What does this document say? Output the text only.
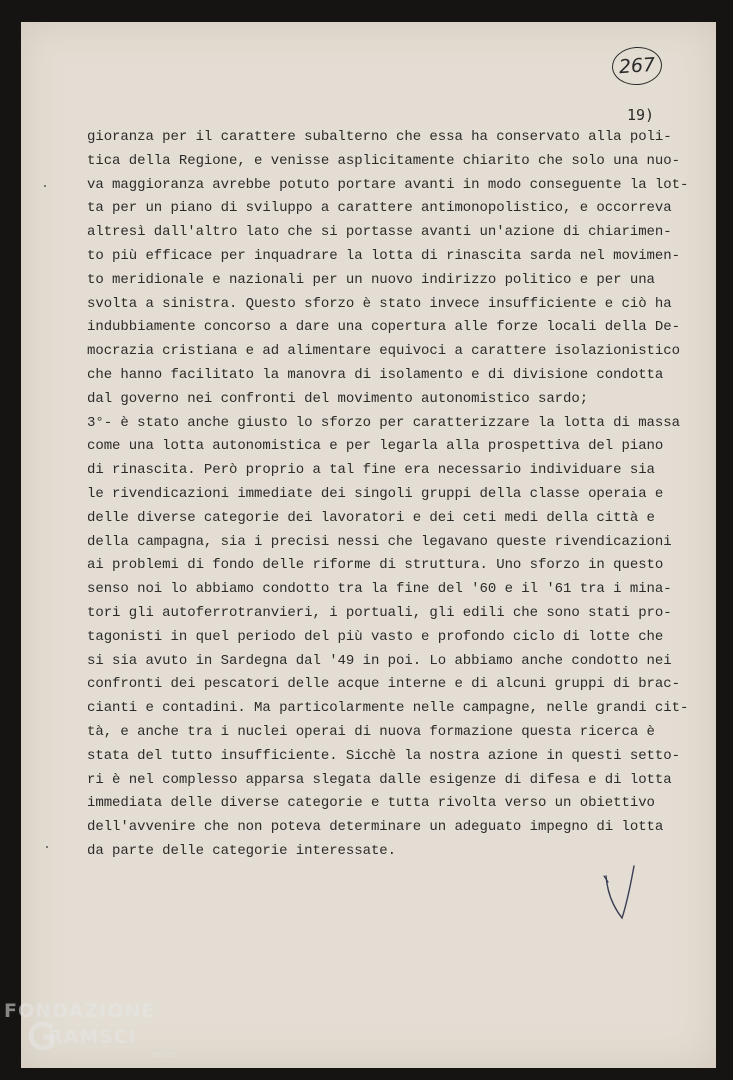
267
19)
gioranza per il carattere subalterno che essa ha conservato alla poli-
tica della Regione, e venisse asplicitamente chiarito che solo una nuo-
va maggioranza avrebbe potuto portare avanti in modo conseguente la lot-
ta per un piano di sviluppo a carattere antimonopolistico, e occorreva
altresì dall'altro lato che si portasse avanti un'azione di chiarimen-
to più efficace per inquadrare la lotta di rinascita sarda nel movimen-
to meridionale e nazionali per un nuovo indirizzo politico e per una
svolta a sinistra. Questo sforzo è stato invece insufficiente e ciò ha
indubbiamente concorso a dare una copertura alle forze locali della De-
mocrazia cristiana e ad alimentare equivoci a carattere isolazionistico
che hanno facilitato la manovra di isolamento e di divisione condotta
dal governo nei confronti del movimento autonomistico sardo;
3°- è stato anche giusto lo sforzo per caratterizzare la lotta di massa
come una lotta autonomistica e per legarla alla prospettiva del piano
di rinascita. Però proprio a tal fine era necessario individuare sia
le rivendicazioni immediate dei singoli gruppi della classe operaia e
delle diverse categorie dei lavoratori e dei ceti medi della città e
della campagna, sia i precisi nessi che legavano queste rivendicazioni
ai problemi di fondo delle riforme di struttura. Uno sforzo in questo
senso noi lo abbiamo condotto tra la fine del '60 e il '61 tra i mina-
tori gli autoferrotranvieri, i portuali, gli edili che sono stati pro-
tagonisti in quel periodo del più vasto e profondo ciclo di lotte che
si sia avuto in Sardegna dal '49 in poi. Lo abbiamo anche condotto nei
confronti dei pescatori delle acque interne e di alcuni gruppi di brac-
cianti e contadini. Ma particolarmente nelle campagne, nelle grandi cit-
tà, e anche tra i nuclei operai di nuova formazione questa ricerca è
stata del tutto insufficiente. Sicchè la nostra azione in questi setto-
ri è nel complesso apparsa slegata dalle esigenze di difesa e di lotta
immediata delle diverse categorie e tutta rivolta verso un obiettivo
dell'avvenire che non poteva determinare un adeguato impegno di lotta
da parte delle categorie interessate.
FONDAZIONE
RAMSCI
onlus
